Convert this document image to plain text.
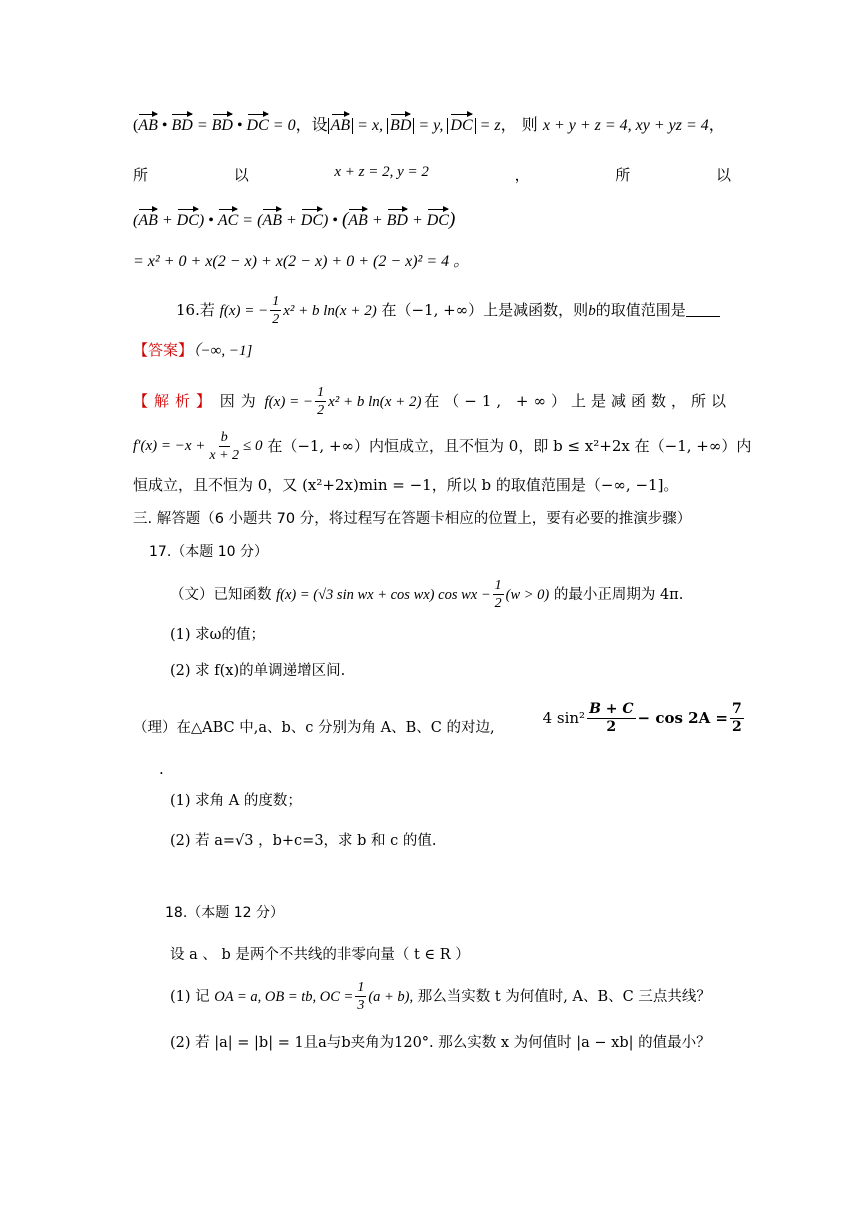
(AB • BD = BD • DC = 0，设 AB = x, BD = y, DC = z， 则 x + y + z = 4, xy + yz = 4，
所	以	x + z = 2, y = 2	，	所	以
(AB + DC) • AC = (AB + DC) • (AB + BD + DC)
= x² + 0 + x(2 − x) + x(2 − x) + 0 + (2 − x)² = 4 。
16.若 f(x) = − $\frac{1}{2} x^2 + b$ ln(x + 2) 在（−1, +∞）上是减函数，则b的取值范围是
【答案】（−∞, −1]
【解析】 因为 f(x) = − $\frac{1}{2} x^2 + b$ ln(x + 2) 在（−1, +∞）上是减函数，所以
$f'(x) = -x + \frac{b}{x + 2} \le 0$
在（−1, +∞）内恒成立，且不恒为 0，即 b ≤ x²+2x 在（−1, +∞）内
恒成立，且不恒为 0，又 (x²+2x)min = −1，所以 b 的取值范围是（−∞, −1]。
三. 解答题（6 小题共 70 分，将过程写在答题卡相应的位置上，要有必要的推演步骤）
17.（本题 10 分）
（文）已知函数
f(x) = (√3 sin wx + cos wx) cos wx − $\frac{1}{2} (w > 0)$
的最小正周期为 4π.
(1) 求ω的值；
(2) 求 f(x)的单调递增区间.
（理）在△ABC 中,a、b、c 分别为角 A、B、C 的对边,
4 $\sin^2 \frac{B + C}{2} - \cos 2A = \frac{7}{2}$
.
(1) 求角 A 的度数；
(2) 若 a=√3 ，b+c=3，求 b 和 c 的值.
18.（本题 12 分）
设 a 、 b 是两个不共线的非零向量（ t ∈ R ）
(1) 记
OA = a, OB = tb, OC = $\frac{1}{3} (a + b)$,
那么当实数 t 为何值时, A、B、C 三点共线？
(2) 若 |a| = |b| = 1且a与b夹角为120°. 那么实数 x 为何值时 |a − xb| 的值最小？
